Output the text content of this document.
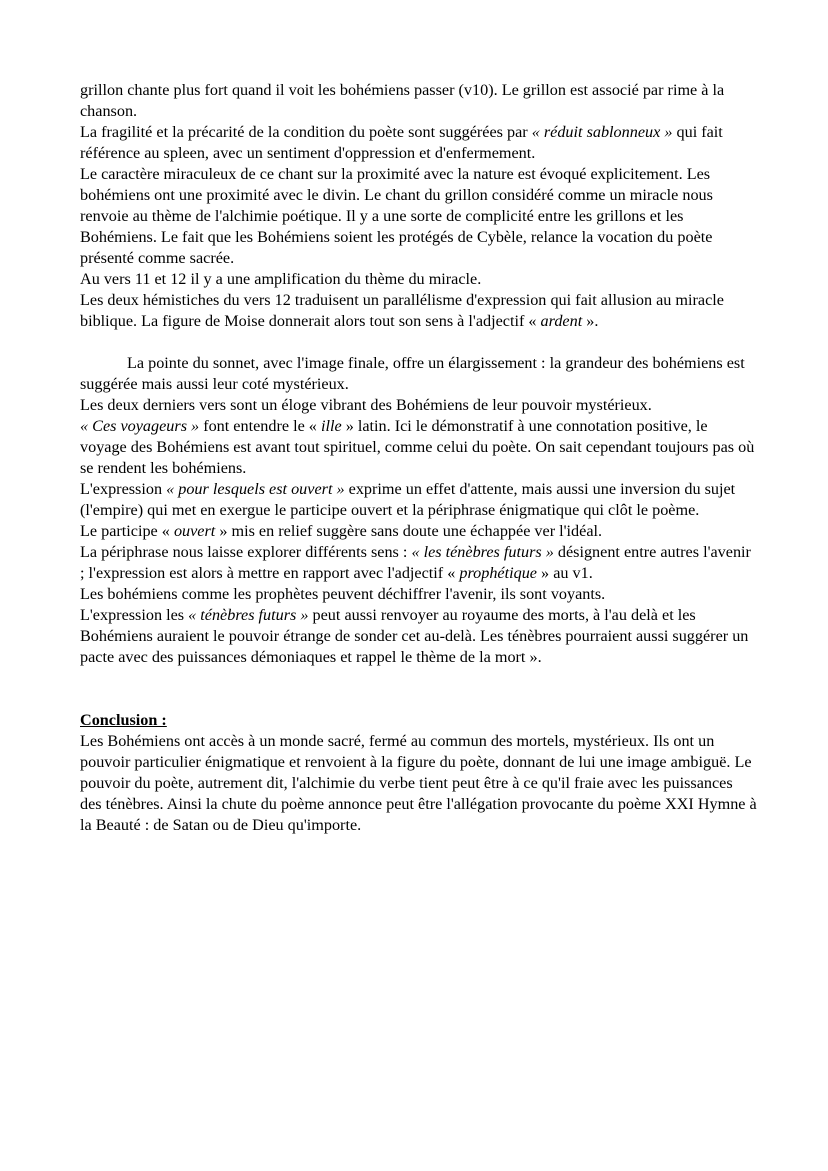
grillon chante plus fort quand il voit les bohémiens passer (v10). Le grillon est associé par rime à la chanson.

La fragilité et la précarité de la condition du poète sont suggérées par « réduit sablonneux » qui fait référence au spleen, avec un sentiment d'oppression et d'enfermement.

Le caractère miraculeux de ce chant sur la proximité avec la nature est évoqué explicitement. Les bohémiens ont une proximité avec le divin. Le chant du grillon considéré comme un miracle nous renvoie au thème de l'alchimie poétique. Il y a une sorte de complicité entre les grillons et les Bohémiens. Le fait que les Bohémiens soient les protégés de Cybèle, relance la vocation du poète présenté comme sacrée.

Au vers 11 et 12 il y a une amplification du thème du miracle.

Les deux hémistiches du vers 12 traduisent un parallélisme d'expression qui fait allusion au miracle biblique. La figure de Moise donnerait alors tout son sens à l'adjectif « ardent ».

La pointe du sonnet, avec l'image finale, offre un élargissement : la grandeur des bohémiens est suggérée mais aussi leur coté mystérieux.

Les deux derniers vers sont un éloge vibrant des Bohémiens de leur pouvoir mystérieux.

« Ces voyageurs » font entendre le « ille » latin. Ici le démonstratif à une connotation positive, le voyage des Bohémiens est avant tout spirituel, comme celui du poète. On sait cependant toujours pas où se rendent les bohémiens.

L'expression « pour lesquels est ouvert » exprime un effet d'attente, mais aussi une inversion du sujet (l'empire) qui met en exergue le participe ouvert et la périphrase énigmatique qui clôt le poème.

Le participe « ouvert » mis en relief suggère sans doute une échappée ver l'idéal.

La périphrase nous laisse explorer différents sens : « les ténèbres futurs » désignent entre autres l'avenir ; l'expression est alors à mettre en rapport avec l'adjectif « prophétique » au v1.

Les bohémiens comme les prophètes peuvent déchiffrer l'avenir, ils sont voyants.

L'expression les « ténèbres futurs » peut aussi renvoyer au royaume des morts, à l'au delà et les Bohémiens auraient le pouvoir étrange de sonder cet au-delà. Les ténèbres pourraient aussi suggérer un pacte avec des puissances démoniaques et rappel le thème de la mort ».

Conclusion :

Les Bohémiens ont accès à un monde sacré, fermé au commun des mortels, mystérieux. Ils ont un pouvoir particulier énigmatique et renvoient à la figure du poète, donnant de lui une image ambiguë. Le pouvoir du poète, autrement dit, l'alchimie du verbe tient peut être à ce qu'il fraie avec les puissances des ténèbres. Ainsi la chute du poème annonce peut être l'allégation provocante du poème XXI Hymne à la Beauté : de Satan ou de Dieu qu'importe.
